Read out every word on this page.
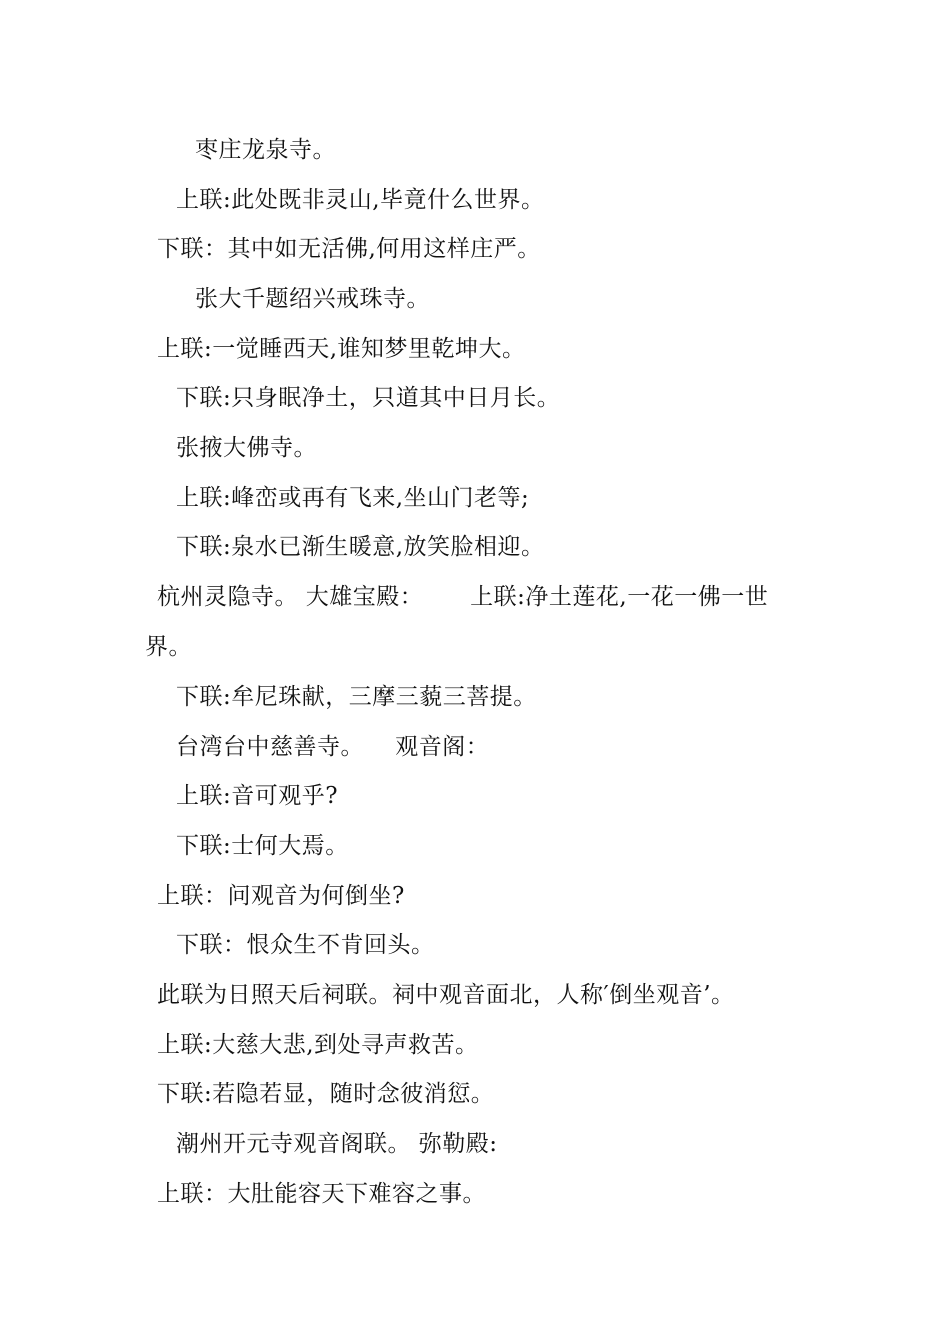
枣庄龙泉寺。
上联:此处既非灵山,毕竟什么世界。
下联：其中如无活佛,何用这样庄严。
张大千题绍兴戒珠寺。
上联:一觉睡西天,谁知梦里乾坤大。
下联:只身眠净土，只道其中日月长。
张掖大佛寺。
上联:峰峦或再有飞来,坐山门老等;
下联:泉水已渐生暖意,放笑脸相迎。
杭州灵隐寺。 大雄宝殿：      上联:净土莲花,一花一佛一世
界。
下联:牟尼珠献，三摩三藐三菩提。
台湾台中慈善寺。    观音阁：
上联:音可观乎?
下联:士何大焉。
上联：问观音为何倒坐?
下联：恨众生不肯回头。
此联为日照天后祠联。祠中观音面北，人称′倒坐观音’。
上联:大慈大悲,到处寻声救苦。
下联:若隐若显，随时念彼消愆。
潮州开元寺观音阁联。 弥勒殿:
上联：大肚能容天下难容之事。
